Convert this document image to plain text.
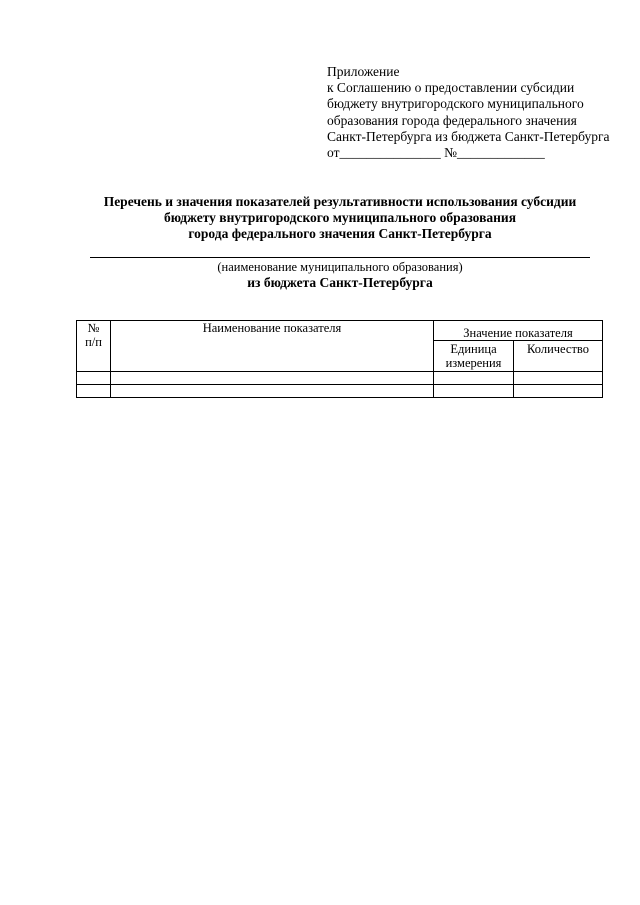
Приложение
к Соглашению о предоставлении субсидии
бюджету внутригородского муниципального
образования города федерального значения
Санкт-Петербурга из бюджета Санкт-Петербурга
от_______________ №_____________
Перечень и значения показателей результативности использования субсидии
бюджету внутригородского муниципального образования
города федерального значения Санкт-Петербурга
(наименование муниципального образования)
из бюджета Санкт-Петербурга
№ п/п	Наименование показателя	Значение показателя	

		Единица измерения	Количество
